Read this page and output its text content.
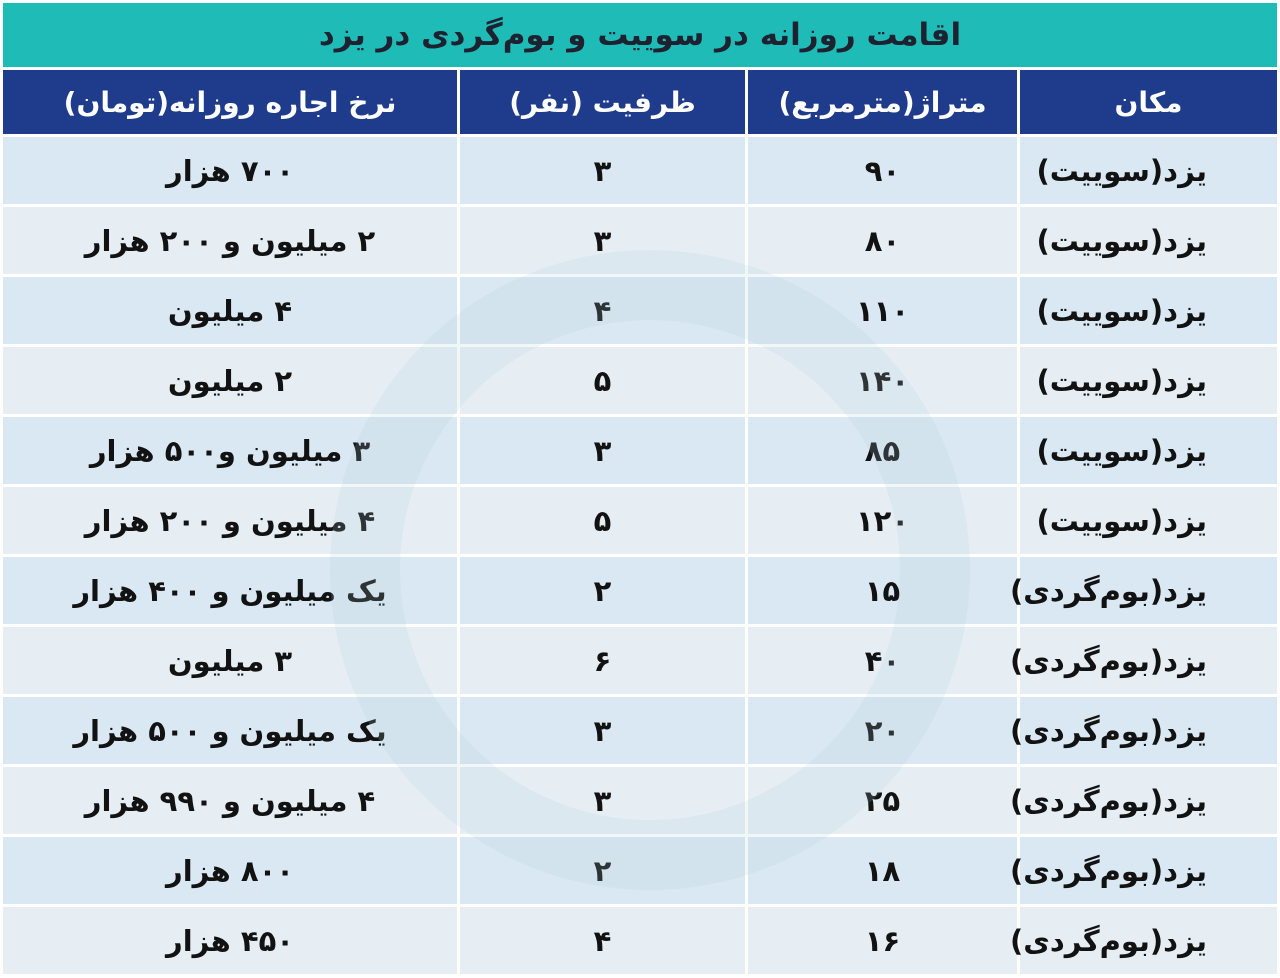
اقامت روزانه در سوییت و بوم‌گردی در یزد
مکان	متراژ(مترمربع)	ظرفیت (نفر)	نرخ اجاره روزانه(تومان)
یزد(سوییت)	۹۰	۳	۷۰۰ هزار
یزد(سوییت)	۸۰	۳	۲ میلیون و ۲۰۰ هزار
یزد(سوییت)	۱۱۰	۴	۴ میلیون
یزد(سوییت)	۱۴۰	۵	۲ میلیون
یزد(سوییت)	۸۵	۳	۳ میلیون و۵۰۰ هزار
یزد(سوییت)	۱۲۰	۵	۴ میلیون و ۲۰۰ هزار
یزد(بوم‌گردی)	۱۵	۲	یک میلیون و ۴۰۰ هزار
یزد(بوم‌گردی)	۴۰	۶	۳ میلیون
یزد(بوم‌گردی)	۲۰	۳	یک میلیون و ۵۰۰ هزار
یزد(بوم‌گردی)	۲۵	۳	۴ میلیون و ۹۹۰ هزار
یزد(بوم‌گردی)	۱۸	۲	۸۰۰ هزار
یزد(بوم‌گردی)	۱۶	۴	۴۵۰ هزار
